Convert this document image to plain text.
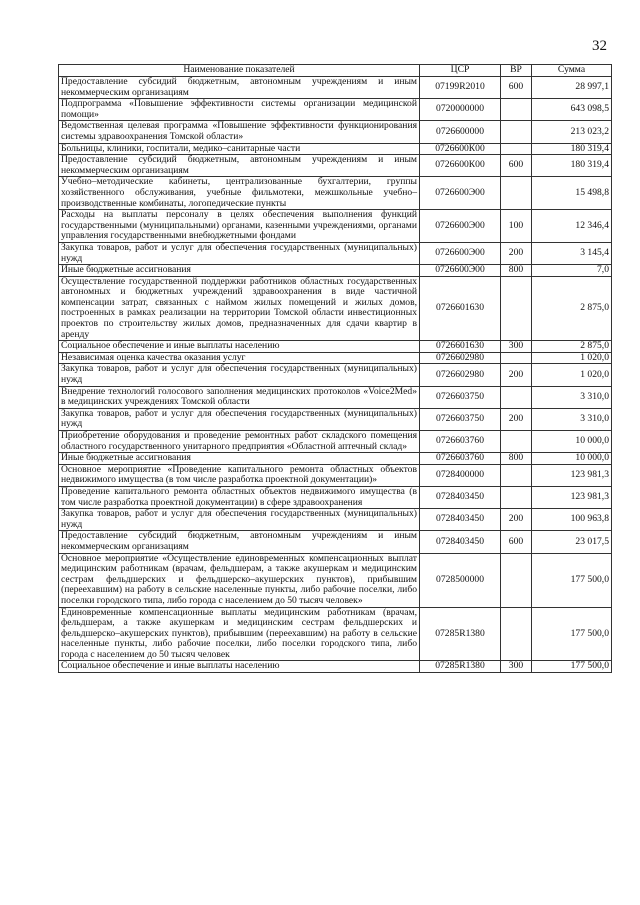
32
Наименование показателей	ЦСР	ВР	Сумма
Предоставление субсидий бюджетным, автономным учреждениям и иным некоммерческим организациям	07199R2010	600	28 997,1
Подпрограмма «Повышение эффективности системы организации медицинской помощи»	0720000000		643 098,5
Ведомственная целевая программа «Повышение эффективности функционирования системы здравоохранения Томской области»	0726600000		213 023,2
Больницы, клиники, госпитали, медико–санитарные части	0726600К00		180 319,4
Предоставление субсидий бюджетным, автономным учреждениям и иным некоммерческим организациям	0726600К00	600	180 319,4
Учебно–методические кабинеты, централизованные бухгалтерии, группы хозяйственного обслуживания, учебные фильмотеки, межшкольные учебно–производственные комбинаты, логопедические пункты	0726600Э00		15 498,8
Расходы на выплаты персоналу в целях обеспечения выполнения функций государственными (муниципальными) органами, казенными учреждениями, органами управления государственными внебюджетными фондами	0726600Э00	100	12 346,4
Закупка товаров, работ и услуг для обеспечения государственных (муниципальных) нужд	0726600Э00	200	3 145,4
Иные бюджетные ассигнования	0726600Э00	800	7,0
Осуществление государственной поддержки работников областных государственных автономных и бюджетных учреждений здравоохранения в виде частичной компенсации затрат, связанных с наймом жилых помещений и жилых домов, построенных в рамках реализации на территории Томской области инвестиционных проектов по строительству жилых домов, предназначенных для сдачи квартир в аренду	0726601630		2 875,0
Социальное обеспечение и иные выплаты населению	0726601630	300	2 875,0
Независимая оценка качества оказания услуг	0726602980		1 020,0
Закупка товаров, работ и услуг для обеспечения государственных (муниципальных) нужд	0726602980	200	1 020,0
Внедрение технологий голосового заполнения медицинских протоколов «Voice2Med» в медицинских учреждениях Томской области	0726603750		3 310,0
Закупка товаров, работ и услуг для обеспечения государственных (муниципальных) нужд	0726603750	200	3 310,0
Приобретение оборудования и проведение ремонтных работ складского помещения областного государственного унитарного предприятия «Областной аптечный склад»	0726603760		10 000,0
Иные бюджетные ассигнования	0726603760	800	10 000,0
Основное мероприятие «Проведение капитального ремонта областных объектов недвижимого имущества (в том числе разработка проектной документации)»	0728400000		123 981,3
Проведение капитального ремонта областных объектов недвижимого имущества (в том числе разработка проектной документации) в сфере здравоохранения	0728403450		123 981,3
Закупка товаров, работ и услуг для обеспечения государственных (муниципальных) нужд	0728403450	200	100 963,8
Предоставление субсидий бюджетным, автономным учреждениям и иным некоммерческим организациям	0728403450	600	23 017,5
Основное мероприятие «Осуществление единовременных компенсационных выплат медицинским работникам (врачам, фельдшерам, а также акушеркам и медицинским сестрам фельдшерских и фельдшерско–акушерских пунктов), прибывшим (переехавшим) на работу в сельские населенные пункты, либо рабочие поселки, либо поселки городского типа, либо города с населением до 50 тысяч человек»	0728500000		177 500,0
Единовременные компенсационные выплаты медицинским работникам (врачам, фельдшерам, а также акушеркам и медицинским сестрам фельдшерских и фельдшерско–акушерских пунктов), прибывшим (переехавшим) на работу в сельские населенные пункты, либо рабочие поселки, либо поселки городского типа, либо города с населением до 50 тысяч человек	07285R1380		177 500,0
Социальное обеспечение и иные выплаты населению	07285R1380	300	177 500,0
